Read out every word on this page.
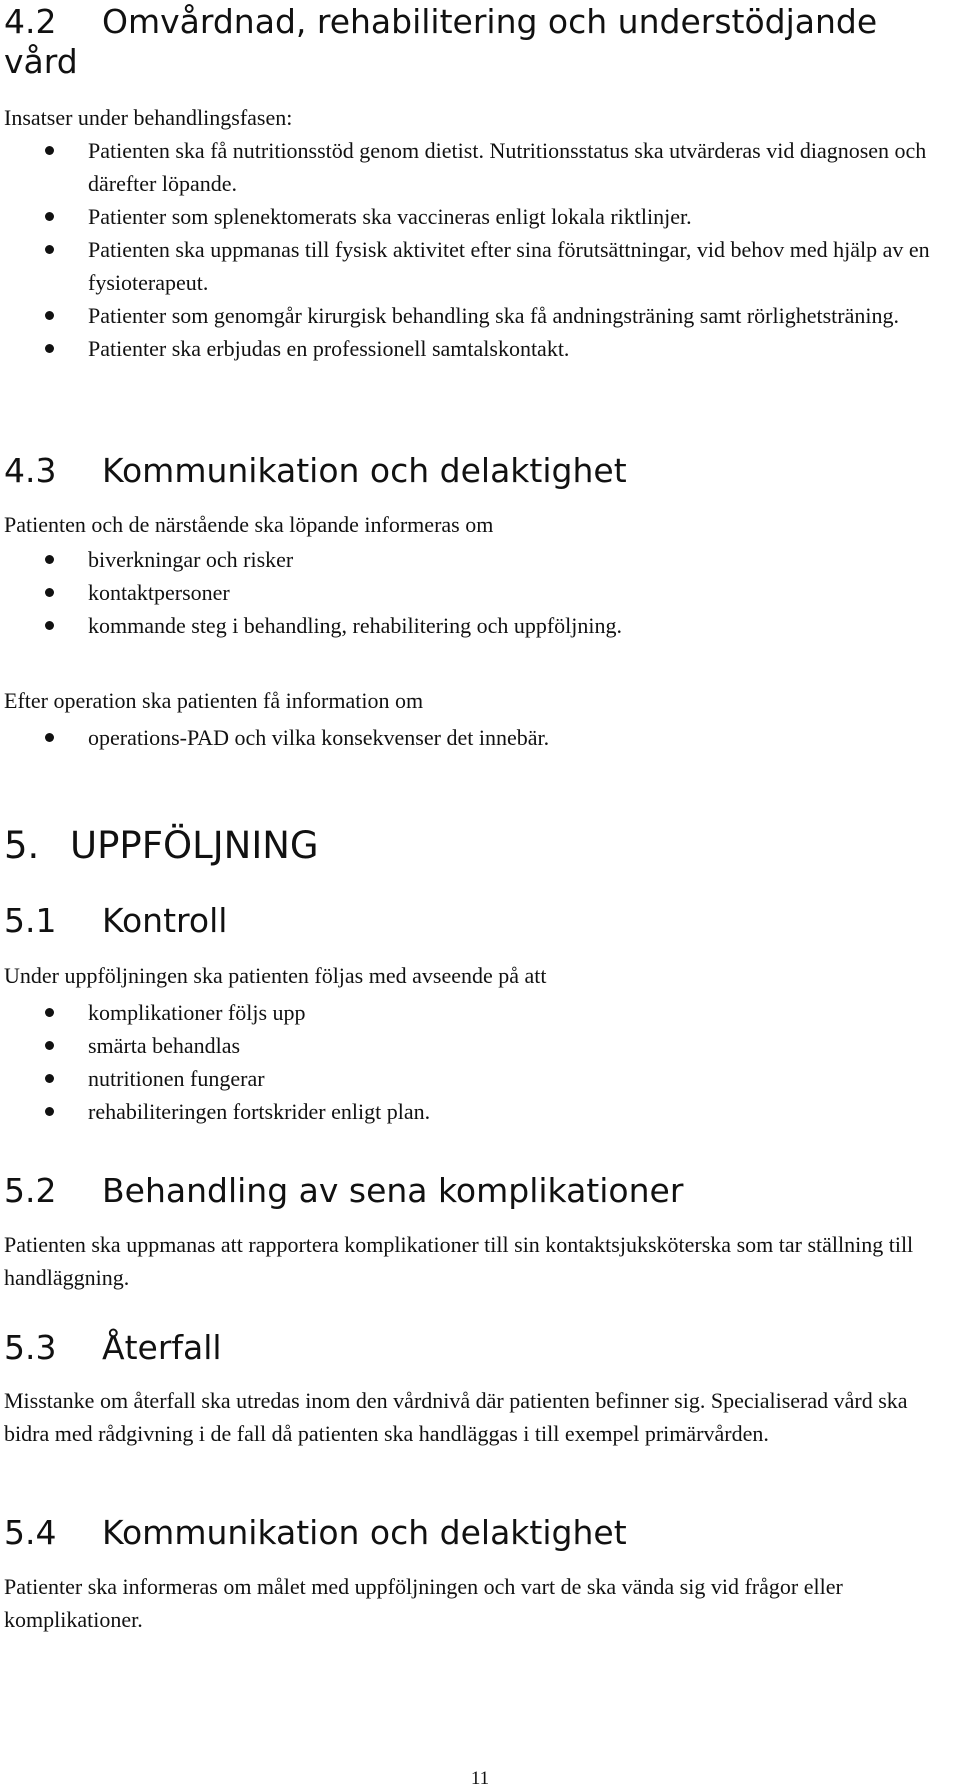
4.2 Omvårdnad, rehabilitering och understödjande vård

Insatser under behandlingsfasen:

Patienten ska få nutritionsstöd genom dietist. Nutritionsstatus ska utvärderas vid diagnosen och därefter löpande.
Patienter som splenektomerats ska vaccineras enligt lokala riktlinjer.
Patienten ska uppmanas till fysisk aktivitet efter sina förutsättningar, vid behov med hjälp av en fysioterapeut.
Patienter som genomgår kirurgisk behandling ska få andningsträning samt rörlighetsträning.
Patienter ska erbjudas en professionell samtalskontakt.
4.3 Kommunikation och delaktighet

Patienten och de närstående ska löpande informeras om

biverkningar och risker
kontaktpersoner
kommande steg i behandling, rehabilitering och uppföljning.

Efter operation ska patienten få information om

operations-PAD och vilka konsekvenser det innebär.
5. UPPFÖLJNING
5.1 Kontroll

Under uppföljningen ska patienten följas med avseende på att

komplikationer följs upp
smärta behandlas
nutritionen fungerar
rehabiliteringen fortskrider enligt plan.
5.2 Behandling av sena komplikationer

Patienten ska uppmanas att rapportera komplikationer till sin kontaktsjuksköterska som tar ställning till handläggning.

5.3 Återfall

Misstanke om återfall ska utredas inom den vårdnivå där patienten befinner sig. Specialiserad vård ska bidra med rådgivning i de fall då patienten ska handläggas i till exempel primärvården.

5.4 Kommunikation och delaktighet

Patienter ska informeras om målet med uppföljningen och vart de ska vända sig vid frågor eller komplikationer.

11
